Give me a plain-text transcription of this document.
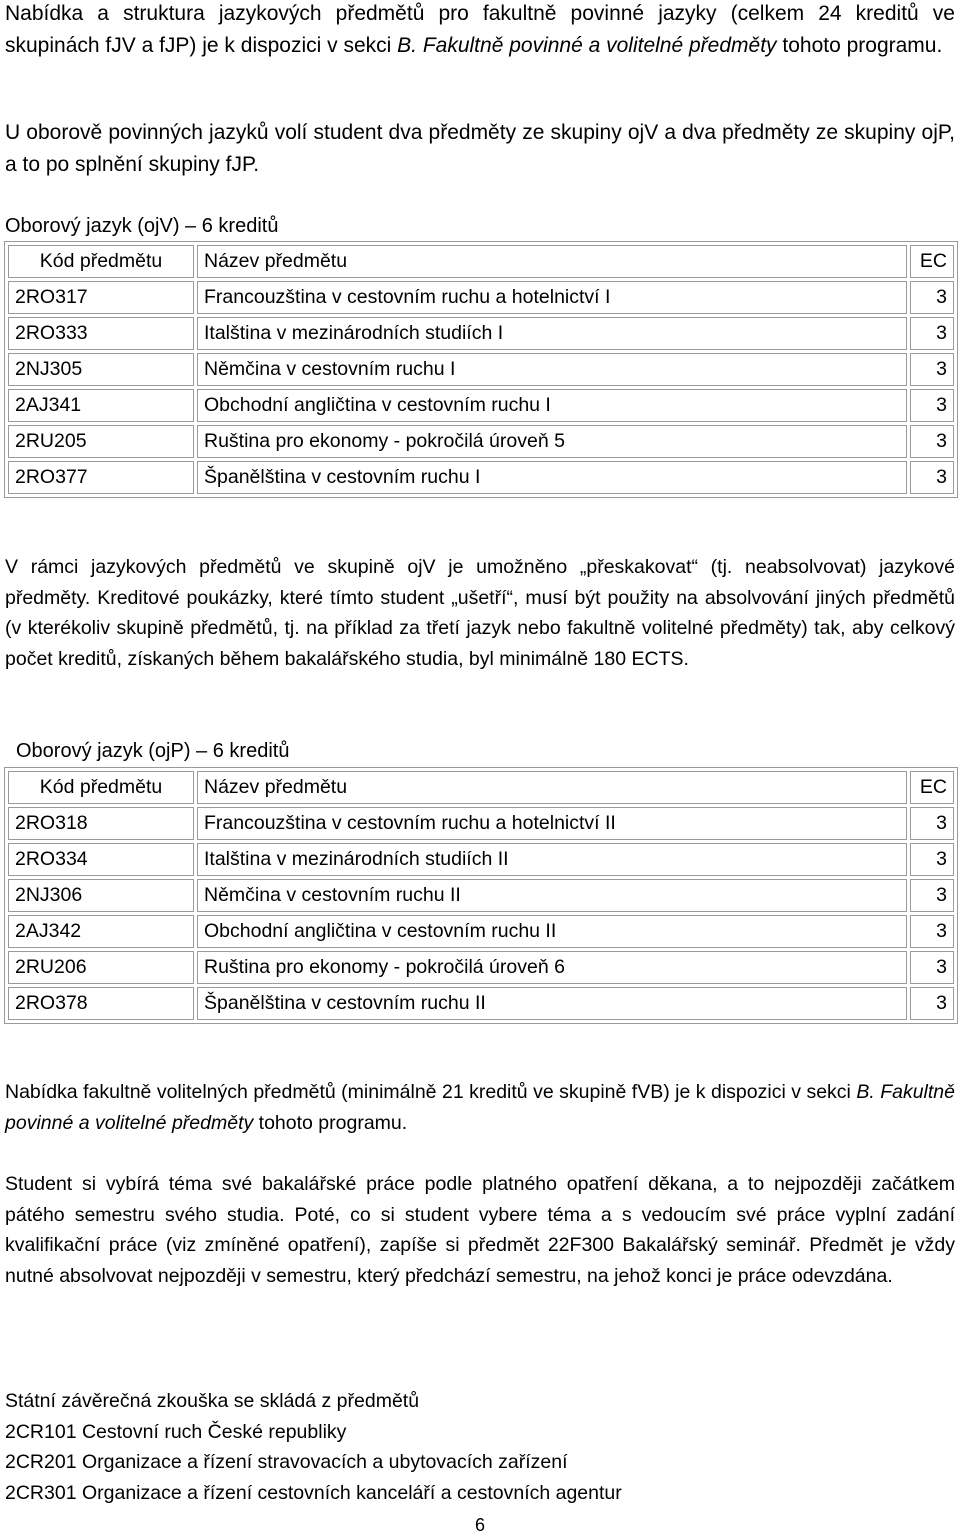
Nabídka a struktura jazykových předmětů pro fakultně povinné jazyky (celkem 24 kreditů ve skupinách fJV a fJP) je k dispozici v sekci B. Fakultně povinné a volitelné předměty tohoto programu.

U oborově povinných jazyků volí student dva předměty ze skupiny ojV a dva předměty ze skupiny ojP, a to po splnění skupiny fJP.

Oborový jazyk (ojV) – 6 kreditů

Kód předmětu	Název předmětu	EC
2RO317	Francouzština v cestovním ruchu a hotelnictví I	3
2RO333	Italština v mezinárodních studiích I	3
2NJ305	Němčina v cestovním ruchu I	3
2AJ341	Obchodní angličtina v cestovním ruchu I	3
2RU205	Ruština pro ekonomy - pokročilá úroveň 5	3
2RO377	Španělština v cestovním ruchu I	3

V rámci jazykových předmětů ve skupině ojV je umožněno „přeskakovat“ (tj. neabsolvovat) jazykové předměty. Kreditové poukázky, které tímto student „ušetří“, musí být použity na absolvování jiných předmětů (v kterékoliv skupině předmětů, tj. na příklad za třetí jazyk nebo fakultně volitelné předměty) tak, aby celkový počet kreditů, získaných během bakalářského studia, byl minimálně 180 ECTS.

Oborový jazyk (ojP) – 6 kreditů

Kód předmětu	Název předmětu	EC
2RO318	Francouzština v cestovním ruchu a hotelnictví II	3
2RO334	Italština v mezinárodních studiích II	3
2NJ306	Němčina v cestovním ruchu II	3
2AJ342	Obchodní angličtina v cestovním ruchu II	3
2RU206	Ruština pro ekonomy - pokročilá úroveň 6	3
2RO378	Španělština v cestovním ruchu II	3

Nabídka fakultně volitelných předmětů (minimálně 21 kreditů ve skupině fVB) je k dispozici v sekci B. Fakultně povinné a volitelné předměty tohoto programu.

Student si vybírá téma své bakalářské práce podle platného opatření děkana, a to nejpozději začátkem pátého semestru svého studia. Poté, co si student vybere téma a s vedoucím své práce vyplní zadání kvalifikační práce (viz zmíněné opatření), zapíše si předmět 22F300 Bakalářský seminář. Předmět je vždy nutné absolvovat nejpozději v semestru, který předchází semestru, na jehož konci je práce odevzdána.

Státní závěrečná zkouška se skládá z předmětů
2CR101 Cestovní ruch České republiky
2CR201 Organizace a řízení stravovacích a ubytovacích zařízení
2CR301 Organizace a řízení cestovních kanceláří a cestovních agentur

6
